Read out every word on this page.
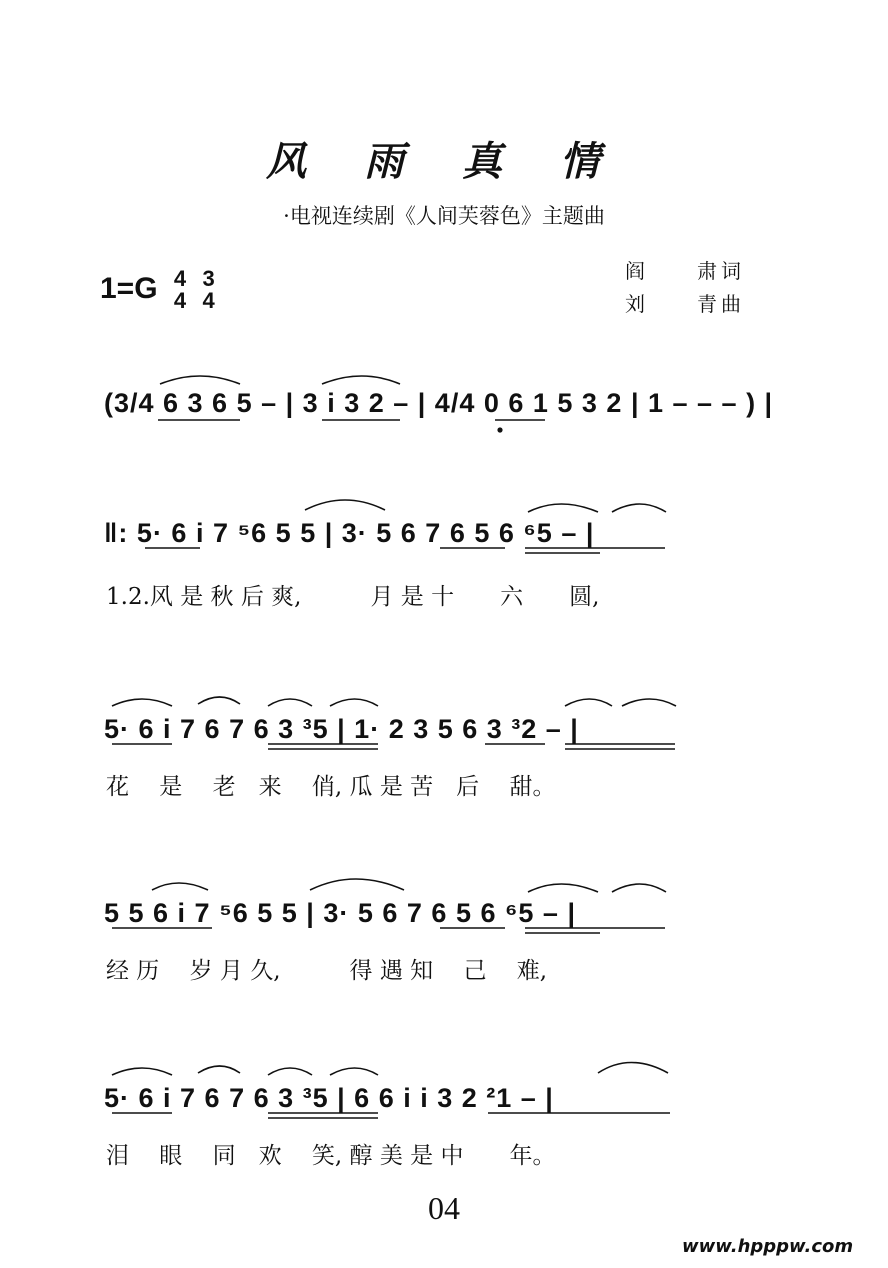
风 雨 真 情
·电视连续剧《人间芙蓉色》主题曲
1=G 4
4

3
4
阎　　肃词
刘　　青曲
(3/4 6 3 6 5 – | 3 i 3 2 – | 4/4 0 6 1 5 3 2 | 1 – – – ) |
‖: 5· 6 i 7 ⁵6 5 5 | 3· 5 6 7 6 5 6 ⁶5 – |
1.2.风 是 秋 后 爽,　　　月 是 十　　六　　圆,
5· 6 i 7 6 7 6 3 ³5 | 1· 2 3 5 6 3 ³2 – |
花　 是　 老　来　 俏, 瓜 是 苦　后　 甜。
5 5 6 i 7 ⁵6 5 5 | 3· 5 6 7 6 5 6 ⁶5 – |
经 历　 岁 月 久,　　　得 遇 知　 己　 难,
5· 6 i 7 6 7 6 3 ³5 | 6 6 i i 3 2 ²1 – |
泪　 眼　 同　欢　 笑, 醇 美 是 中　　年。
04
www.hpppw.com
